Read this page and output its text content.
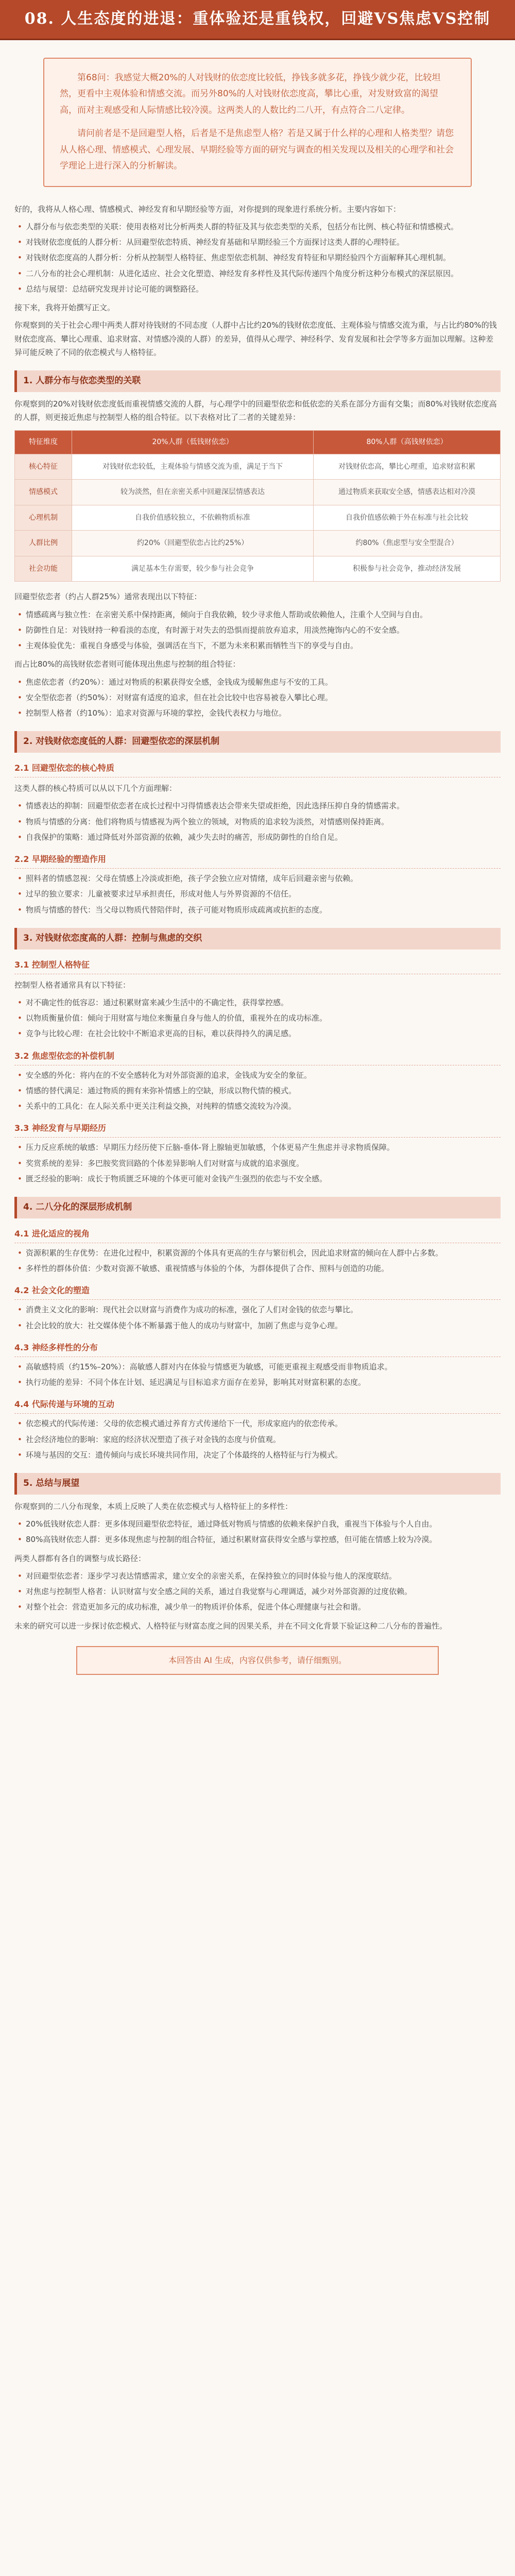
08. 人生态度的进退：重体验还是重钱权，回避VS焦虑VS控制

第68问：我感觉大概20%的人对钱财的依恋度比较低，挣钱多就多花，挣钱少就少花，比较坦然，更看中主观体验和情感交流。而另外80%的人对钱财依恋度高，攀比心重，对发财致富的渴望高，而对主观感受和人际情感比较冷漠。这两类人的人数比约二八开，有点符合二八定律。

请问前者是不是回避型人格，后者是不是焦虑型人格？若是又属于什么样的心理和人格类型？请您从人格心理、情感模式、心理发展、早期经验等方面的研究与调查的相关发现以及相关的心理学和社会学理论上进行深入的分析解读。

好的，我将从人格心理、情感模式、神经发育和早期经验等方面，对你提到的现象进行系统分析。主要内容如下：

• 人群分布与依恋类型的关联：使用表格对比分析两类人群的特征及其与依恋类型的关系，包括分布比例、核心特征和情感模式。
• 对钱财依恋度低的人群分析：从回避型依恋特质、神经发育基础和早期经验三个方面探讨这类人群的心理特征。
• 对钱财依恋度高的人群分析：分析从控制型人格特征、焦虑型依恋机制、神经发育特征和早期经验四个方面解释其心理机制。
• 二八分布的社会心理机制：从进化适应、社会文化塑造、神经发育多样性及其代际传递四个角度分析这种分布模式的深层原因。
• 总结与展望：总结研究发现并讨论可能的调整路径。

接下来，我将开始撰写正文。

你观察到的关于社会心理中两类人群对待钱财的不同态度（人群中占比约20%的钱财依恋度低、主观体验与情感交流为重，与占比约80%的钱财依恋度高、攀比心理重、追求财富、对情感冷漠的人群）的差异，值得从心理学、神经科学、发育发展和社会学等多方面加以理解。这种差异可能反映了不同的依恋模式与人格特征。

1. 人群分布与依恋类型的关联

你观察到的20%对钱财依恋度低而重视情感交流的人群，与心理学中的回避型依恋和低依恋的关系在部分方面有交集；而80%对钱财依恋度高的人群，则更接近焦虑与控制型人格的组合特征。以下表格对比了二者的关键差异：

特征维度	20%人群（低钱财依恋）	80%人群（高钱财依恋）
核心特征	对钱财依恋较低，主观体验与情感交流为重，满足于当下	对钱财依恋高，攀比心理重，追求财富积累
情感模式	较为淡然，但在亲密关系中回避深层情感表达	通过物质来获取安全感，情感表达相对冷漠
心理机制	自我价值感较独立，不依赖物质标准	自我价值感依赖于外在标准与社会比较
人群比例	约20%（回避型依恋占比约25%）	约80%（焦虑型与安全型混合）
社会功能	满足基本生存需要，较少参与社会竞争	积极参与社会竞争，推动经济发展

回避型依恋者（约占人群25%）通常表现出以下特征：

• 情感疏离与独立性：在亲密关系中保持距离，倾向于自我依赖，较少寻求他人帮助或依赖他人，注重个人空间与自由。
• 防御性自足：对钱财持一种看淡的态度，有时源于对失去的恐惧而提前放弃追求，用淡然掩饰内心的不安全感。
• 主观体验优先：重视自身感受与体验，强调活在当下，不愿为未来积累而牺牲当下的享受与自由。

而占比80%的高钱财依恋者则可能体现出焦虑与控制的组合特征：

• 焦虑依恋者（约20%）：通过对物质的积累获得安全感，金钱成为缓解焦虑与不安的工具。
• 安全型依恋者（约50%）：对财富有适度的追求，但在社会比较中也容易被卷入攀比心理。
• 控制型人格者（约10%）：追求对资源与环境的掌控，金钱代表权力与地位。
2. 对钱财依恋度低的人群：回避型依恋的深层机制
2.1 回避型依恋的核心特质

这类人群的核心特质可以从以下几个方面理解：

• 情感表达的抑制：回避型依恋者在成长过程中习得情感表达会带来失望或拒绝，因此选择压抑自身的情感需求。
• 物质与情感的分离：他们将物质与情感视为两个独立的领域，对物质的追求较为淡然，对情感则保持距离。
• 自我保护的策略：通过降低对外部资源的依赖，减少失去时的痛苦，形成防御性的自给自足。
2.2 早期经验的塑造作用
• 照料者的情感忽视：父母在情感上冷淡或拒绝，孩子学会独立应对情绪，成年后回避亲密与依赖。
• 过早的独立要求：儿童被要求过早承担责任，形成对他人与外界资源的不信任。
• 物质与情感的替代：当父母以物质代替陪伴时，孩子可能对物质形成疏离或抗拒的态度。
3. 对钱财依恋度高的人群：控制与焦虑的交织
3.1 控制型人格特征

控制型人格者通常具有以下特征：

• 对不确定性的低容忍：通过积累财富来减少生活中的不确定性，获得掌控感。
• 以物质衡量价值：倾向于用财富与地位来衡量自身与他人的价值，重视外在的成功标准。
• 竞争与比较心理：在社会比较中不断追求更高的目标，难以获得持久的满足感。
3.2 焦虑型依恋的补偿机制
• 安全感的外化：将内在的不安全感转化为对外部资源的追求，金钱成为安全的象征。
• 情感的替代满足：通过物质的拥有来弥补情感上的空缺，形成以物代情的模式。
• 关系中的工具化：在人际关系中更关注利益交换，对纯粹的情感交流较为冷漠。
3.3 神经发育与早期经历
• 压力反应系统的敏感：早期压力经历使下丘脑-垂体-肾上腺轴更加敏感，个体更易产生焦虑并寻求物质保障。
• 奖赏系统的差异：多巴胺奖赏回路的个体差异影响人们对财富与成就的追求强度。
• 匮乏经验的影响：成长于物质匮乏环境的个体更可能对金钱产生强烈的依恋与不安全感。
4. 二八分化的深层形成机制
4.1 进化适应的视角
• 资源积累的生存优势：在进化过程中，积累资源的个体具有更高的生存与繁衍机会，因此追求财富的倾向在人群中占多数。
• 多样性的群体价值：少数对资源不敏感、重视情感与体验的个体，为群体提供了合作、照料与创造的功能。
4.2 社会文化的塑造
• 消费主义文化的影响：现代社会以财富与消费作为成功的标准，强化了人们对金钱的依恋与攀比。
• 社会比较的放大：社交媒体使个体不断暴露于他人的成功与财富中，加剧了焦虑与竞争心理。
4.3 神经多样性的分布
• 高敏感特质（约15%–20%）：高敏感人群对内在体验与情感更为敏感，可能更重视主观感受而非物质追求。
• 执行功能的差异：不同个体在计划、延迟满足与目标追求方面存在差异，影响其对财富积累的态度。
4.4 代际传递与环境的互动
• 依恋模式的代际传递：父母的依恋模式通过养育方式传递给下一代，形成家庭内的依恋传承。
• 社会经济地位的影响：家庭的经济状况塑造了孩子对金钱的态度与价值观。
• 环境与基因的交互：遗传倾向与成长环境共同作用，决定了个体最终的人格特征与行为模式。
5. 总结与展望

你观察到的二八分布现象，本质上反映了人类在依恋模式与人格特征上的多样性：

• 20%低钱财依恋人群：更多体现回避型依恋特征，通过降低对物质与情感的依赖来保护自我，重视当下体验与个人自由。
• 80%高钱财依恋人群：更多体现焦虑与控制的组合特征，通过积累财富获得安全感与掌控感，但可能在情感上较为冷漠。

两类人群都有各自的调整与成长路径：

• 对回避型依恋者：逐步学习表达情感需求，建立安全的亲密关系，在保持独立的同时体验与他人的深度联结。
• 对焦虑与控制型人格者：认识财富与安全感之间的关系，通过自我觉察与心理调适，减少对外部资源的过度依赖。
• 对整个社会：营造更加多元的成功标准，减少单一的物质评价体系，促进个体心理健康与社会和谐。

未来的研究可以进一步探讨依恋模式、人格特征与财富态度之间的因果关系，并在不同文化背景下验证这种二八分布的普遍性。

本回答由 AI 生成，内容仅供参考，请仔细甄别。
